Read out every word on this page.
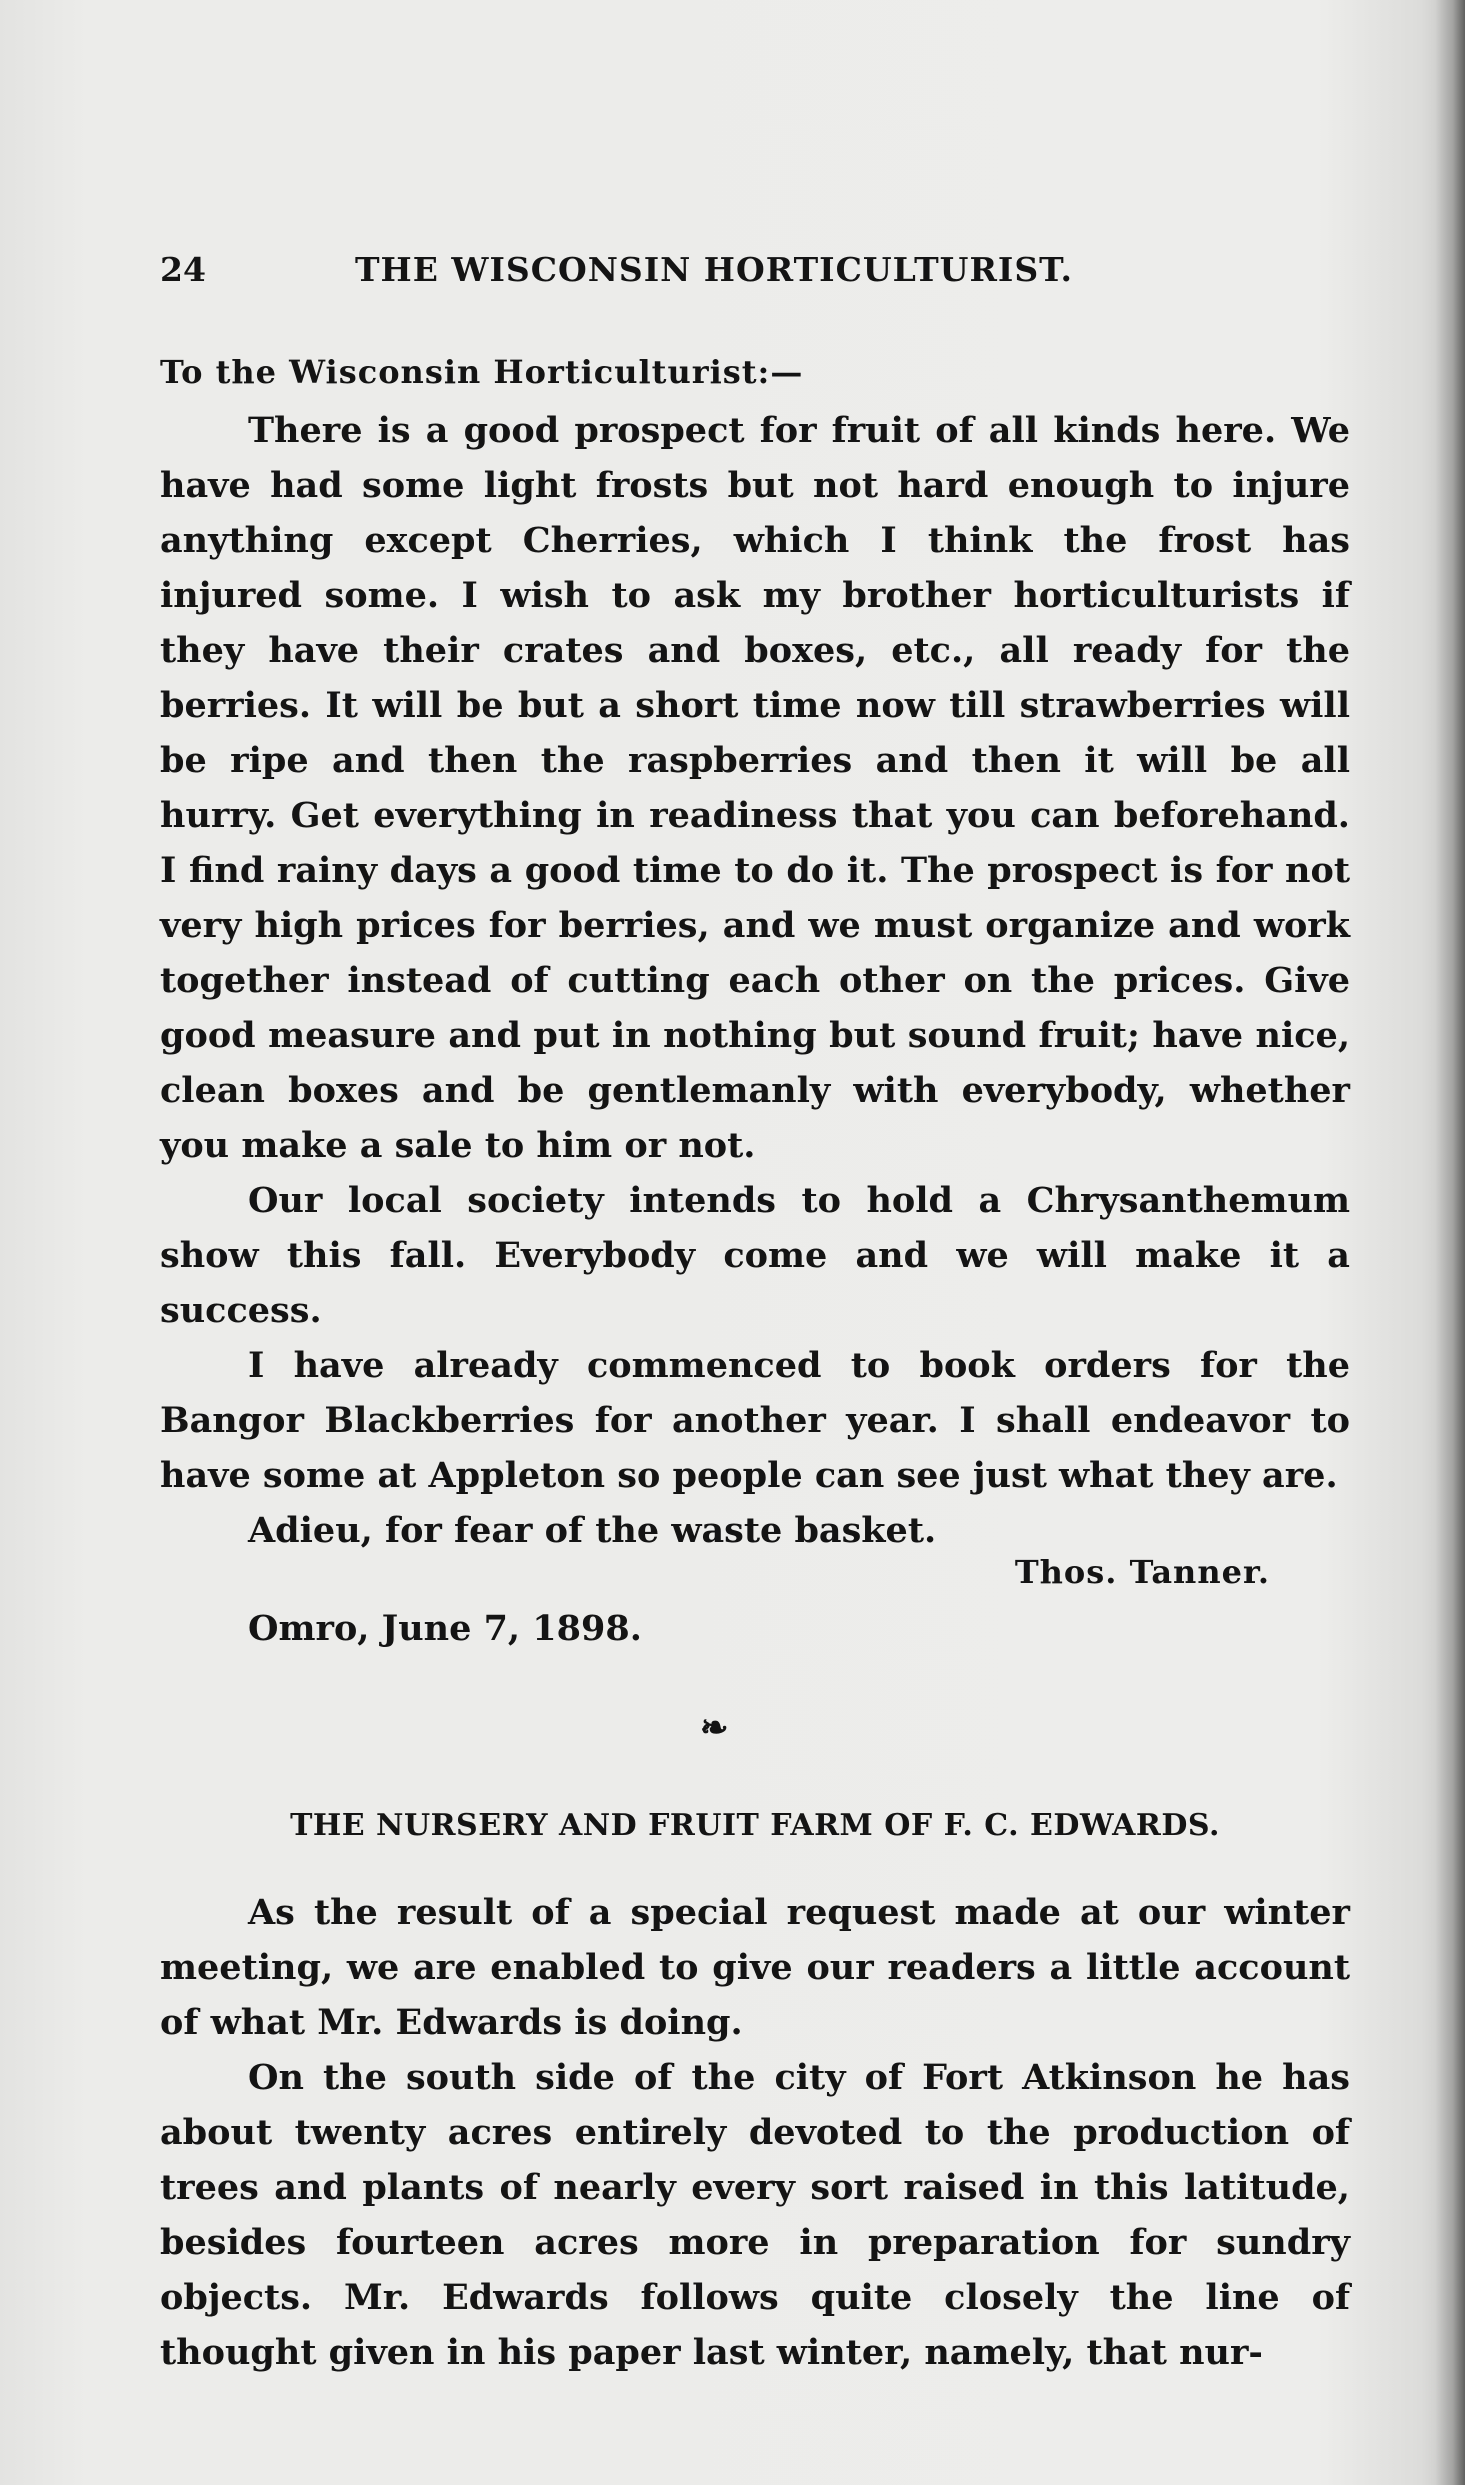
24	THE WISCONSIN HORTICULTURIST.
To the Wisconsin Horticulturist:—

There is a good prospect for fruit of all kinds here. We have had some light frosts but not hard enough to injure anything except Cherries, which I think the frost has injured some. I wish to ask my brother horticulturists if they have their crates and boxes, etc., all ready for the berries. It will be but a short time now till strawberries will be ripe and then the raspberries and then it will be all hurry. Get everything in readiness that you can beforehand. I find rainy days a good time to do it. The prospect is for not very high prices for berries, and we must organize and work together instead of cutting each other on the prices. Give good measure and put in nothing but sound fruit; have nice, clean boxes and be gentlemanly with everybody, whether you make a sale to him or not.

Our local society intends to hold a Chrysanthemum show this fall. Everybody come and we will make it a success.

I have already commenced to book orders for the Bangor Blackberries for another year. I shall endeavor to have some at Appleton so people can see just what they are.

Adieu, for fear of the waste basket.

Thos. Tanner.
Omro, June 7, 1898.
❧
THE NURSERY AND FRUIT FARM OF F. C. EDWARDS.

As the result of a special request made at our winter meeting, we are enabled to give our readers a little account of what Mr. Edwards is doing.

On the south side of the city of Fort Atkinson he has about twenty acres entirely devoted to the production of trees and plants of nearly every sort raised in this latitude, besides fourteen acres more in preparation for sundry objects. Mr. Edwards follows quite closely the line of thought given in his paper last winter, namely, that nur-
